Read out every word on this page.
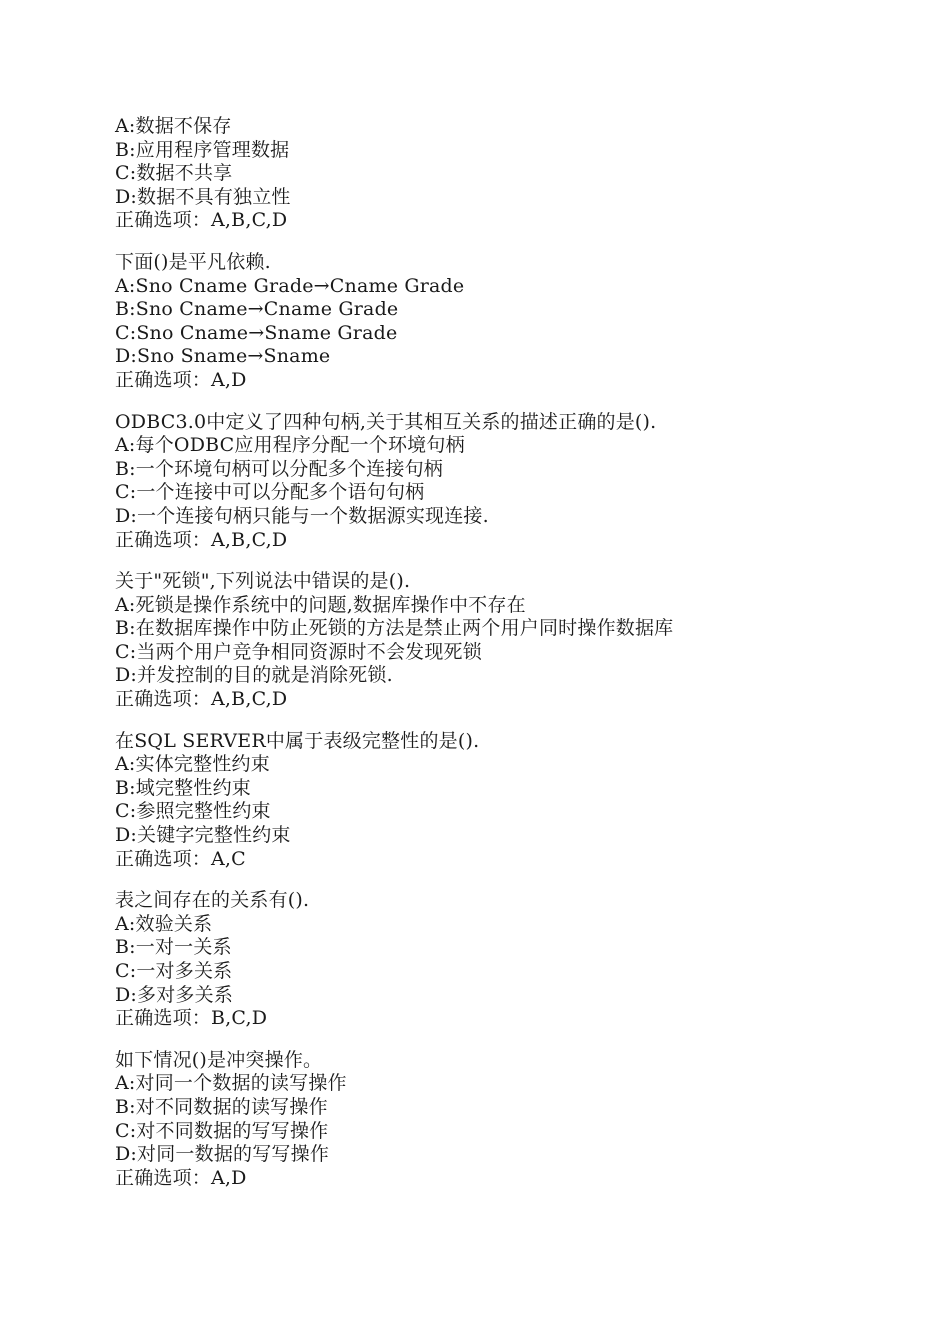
A:数据不保存
B:应用程序管理数据
C:数据不共享
D:数据不具有独立性
正确选项：A,B,C,D
下面()是平凡依赖.
A:Sno Cname Grade→Cname Grade
B:Sno Cname→Cname Grade
C:Sno Cname→Sname Grade
D:Sno Sname→Sname
正确选项：A,D
ODBC3.0中定义了四种句柄,关于其相互关系的描述正确的是().
A:每个ODBC应用程序分配一个环境句柄
B:一个环境句柄可以分配多个连接句柄
C:一个连接中可以分配多个语句句柄
D:一个连接句柄只能与一个数据源实现连接.
正确选项：A,B,C,D
关于"死锁",下列说法中错误的是().
A:死锁是操作系统中的问题,数据库操作中不存在
B:在数据库操作中防止死锁的方法是禁止两个用户同时操作数据库
C:当两个用户竞争相同资源时不会发现死锁
D:并发控制的目的就是消除死锁.
正确选项：A,B,C,D
在SQL SERVER中属于表级完整性的是().
A:实体完整性约束
B:域完整性约束
C:参照完整性约束
D:关键字完整性约束
正确选项：A,C
表之间存在的关系有().
A:效验关系
B:一对一关系
C:一对多关系
D:多对多关系
正确选项：B,C,D
如下情况()是冲突操作。
A:对同一个数据的读写操作
B:对不同数据的读写操作
C:对不同数据的写写操作
D:对同一数据的写写操作
正确选项：A,D
